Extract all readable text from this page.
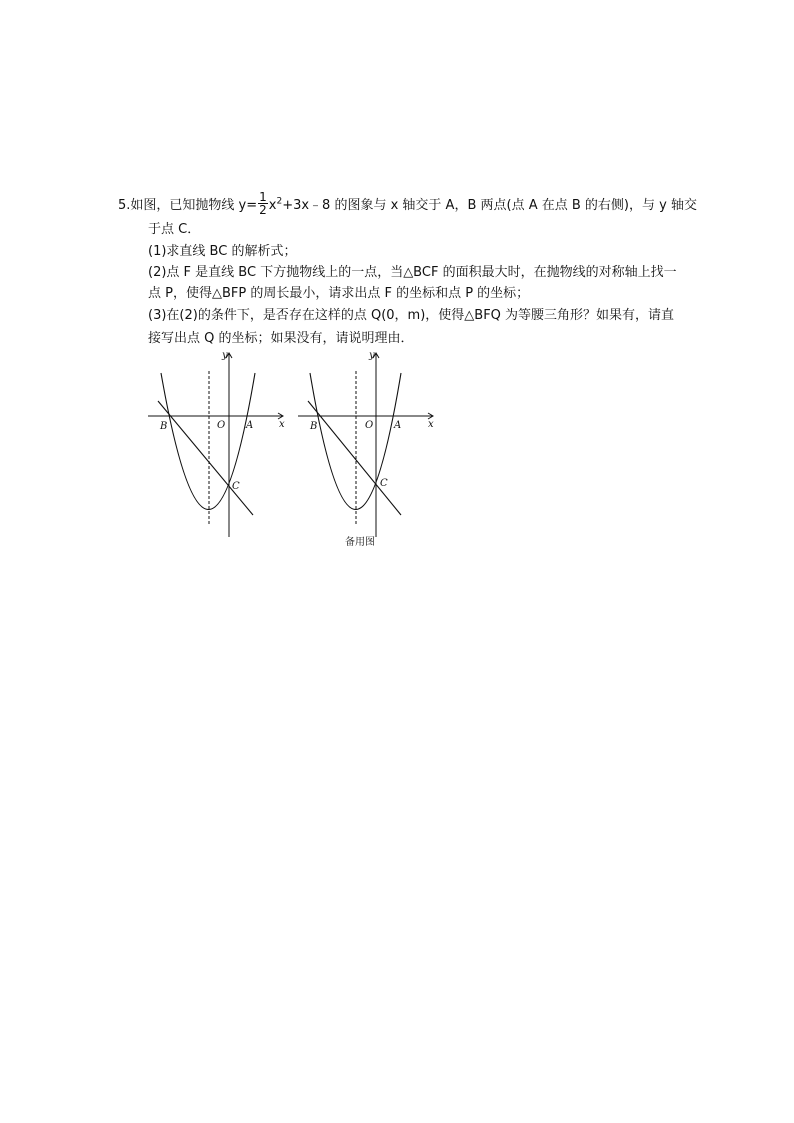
5.如图，已知抛物线 $y= \frac{1}{2}$ $x^2+3x﹣8$ 的图象与 x 轴交于 A，B 两点(点 A 在点 B 的右侧)，与 y 轴交
于点 C．
(1)求直线 BC 的解析式；
(2)点 F 是直线 BC 下方抛物线上的一点，当△BCF 的面积最大时，在抛物线的对称轴上找一
点 P，使得△BFP 的周长最小，请求出点 F 的坐标和点 P 的坐标；
(3)在(2)的条件下，是否存在这样的点 Q(0，m)，使得△BFQ 为等腰三角形？如果有，请直
接写出点 Q 的坐标；如果没有，请说明理由．
y
x
B	O A
C
y
x
B	O A
C
备用图
